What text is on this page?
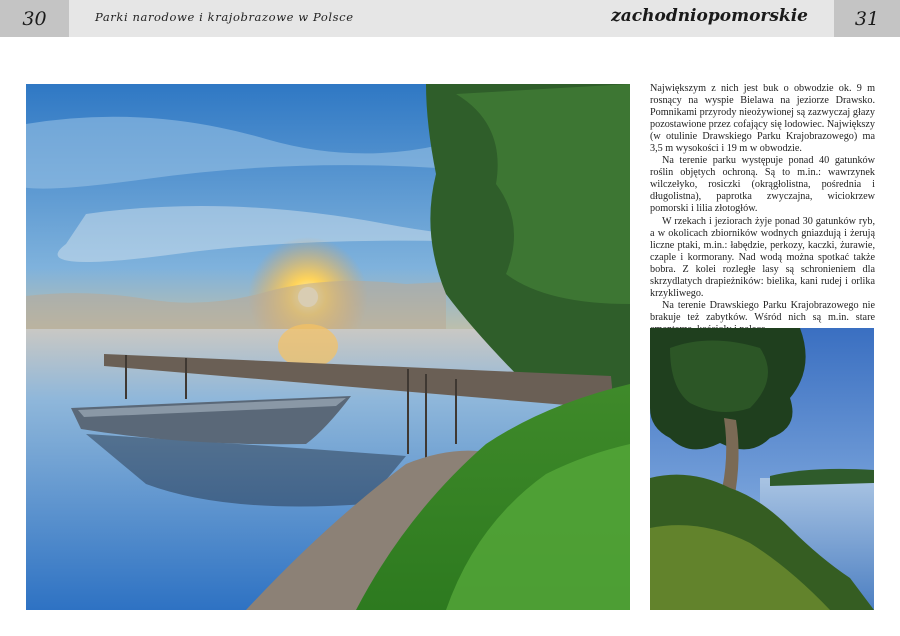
30	Parki narodowe i krajobrazowe w Polsce	zachodniopomorskie	31

Największym z nich jest buk o obwodzie ok. 9 m rosnący na wyspie Bielawa na jeziorze Drawsko. Pomnikami przyrody nieożywionej są zazwyczaj głazy pozostawione przez cofający się lodowiec. Największy (w otulinie Drawskiego Parku Krajobrazowego) ma 3,5 m wysokości i 19 m w obwodzie.

Na terenie parku występuje ponad 40 gatunków roślin objętych ochroną. Są to m.in.: wawrzynek wilczełyko, rosiczki (okrągłolistna, pośrednia i długolistna), paprotka zwyczajna, wiciokrzew pomorski i lilia złotogłów.

W rzekach i jeziorach żyje ponad 30 gatunków ryb, a w okolicach zbiorników wodnych gniazdują i żerują liczne ptaki, m.in.: łabędzie, perkozy, kaczki, żurawie, czaple i kormorany. Nad wodą można spotkać także bobra. Z kolei rozległe lasy są schronieniem dla skrzydlatych drapieżników: bielika, kani rudej i orlika krzykliwego.

Na terenie Drawskiego Parku Krajobrazowego nie brakuje też zabytków. Wśród nich są m.in. stare
